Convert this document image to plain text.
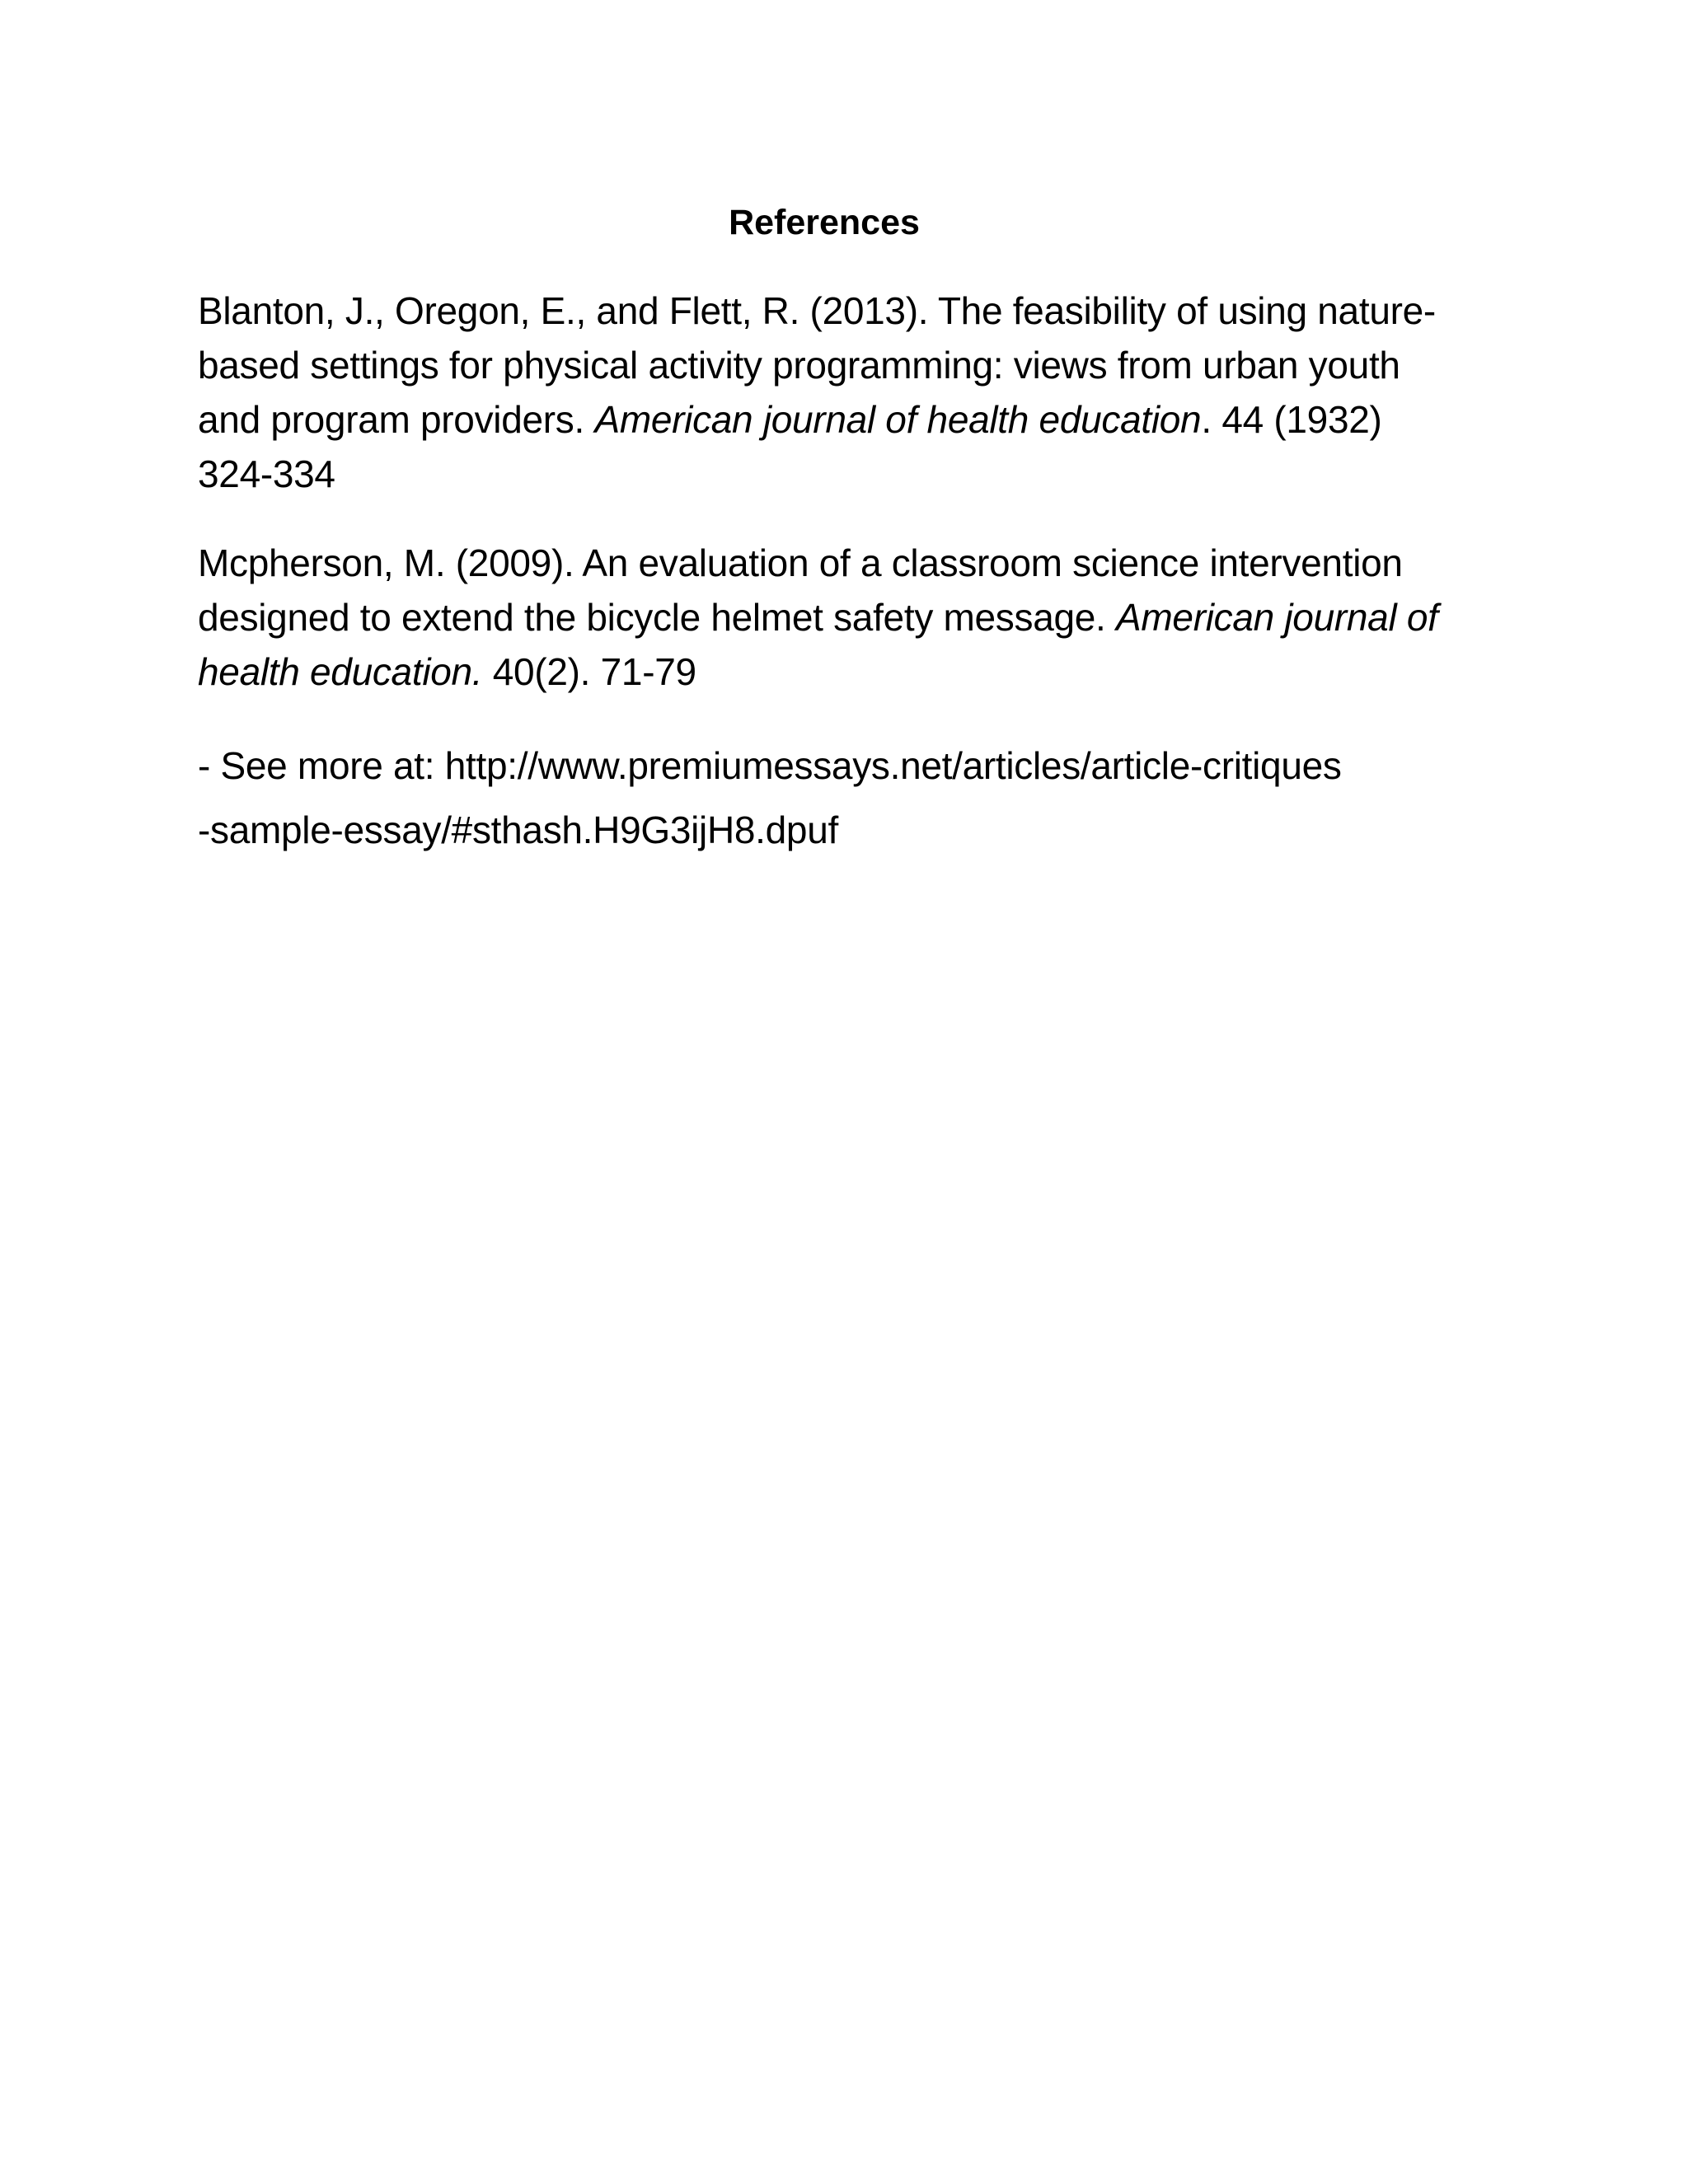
References

Blanton, J., Oregon, E., and Flett, R. (2013). The feasibility of using nature-based settings for physical activity programming: views from urban youth and program providers. American journal of health education. 44 (1932) 324-334

Mcpherson, M. (2009). An evaluation of a classroom science intervention designed to extend the bicycle helmet safety message. American journal of health education. 40(2). 71-79

- See more at: http://www.premiumessays.net/articles/article-critiques-sample-essay/#sthash.H9G3ijH8.dpuf
